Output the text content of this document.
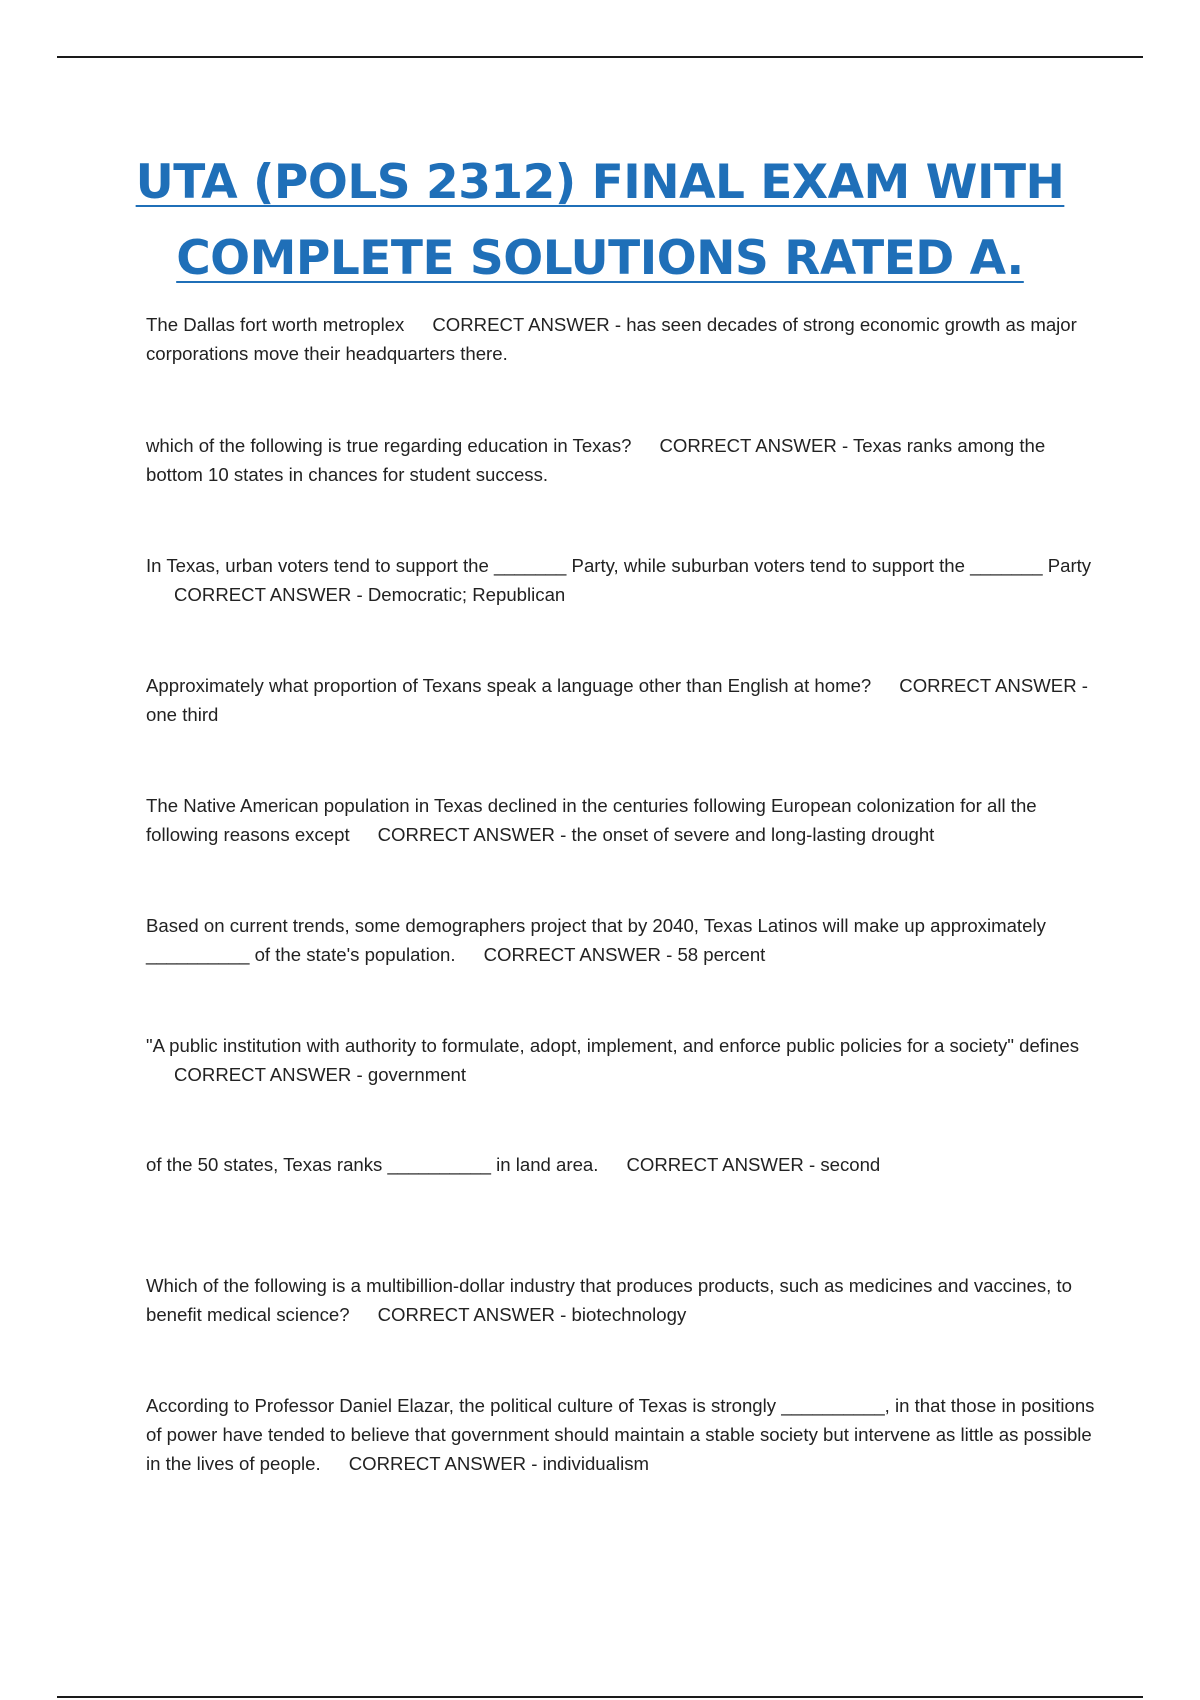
UTA (POLS 2312) FINAL EXAM WITH COMPLETE SOLUTIONS RATED A.
The Dallas fort worth metroplex CORRECT ANSWER - has seen decades of strong economic growth as major corporations move their headquarters there.
which of the following is true regarding education in Texas? CORRECT ANSWER - Texas ranks among the bottom 10 states in chances for student success.
In Texas, urban voters tend to support the _______ Party, while suburban voters tend to support the _______ PartyCORRECT ANSWER - Democratic; Republican
Approximately what proportion of Texans speak a language other than English at home? CORRECT ANSWER - one third
The Native American population in Texas declined in the centuries following European colonization for all the following reasons except CORRECT ANSWER - the onset of severe and long-lasting drought
Based on current trends, some demographers project that by 2040, Texas Latinos will make up approximately __________ of the state's population. CORRECT ANSWER - 58 percent
"A public institution with authority to formulate, adopt, implement, and enforce public policies for a society" definesCORRECT ANSWER - government
of the 50 states, Texas ranks __________ in land area. CORRECT ANSWER - second
Which of the following is a multibillion-dollar industry that produces products, such as medicines and vaccines, to benefit medical science? CORRECT ANSWER - biotechnology
According to Professor Daniel Elazar, the political culture of Texas is strongly __________, in that those in positions of power have tended to believe that government should maintain a stable society but intervene as little as possible in the lives of people. CORRECT ANSWER - individualism
